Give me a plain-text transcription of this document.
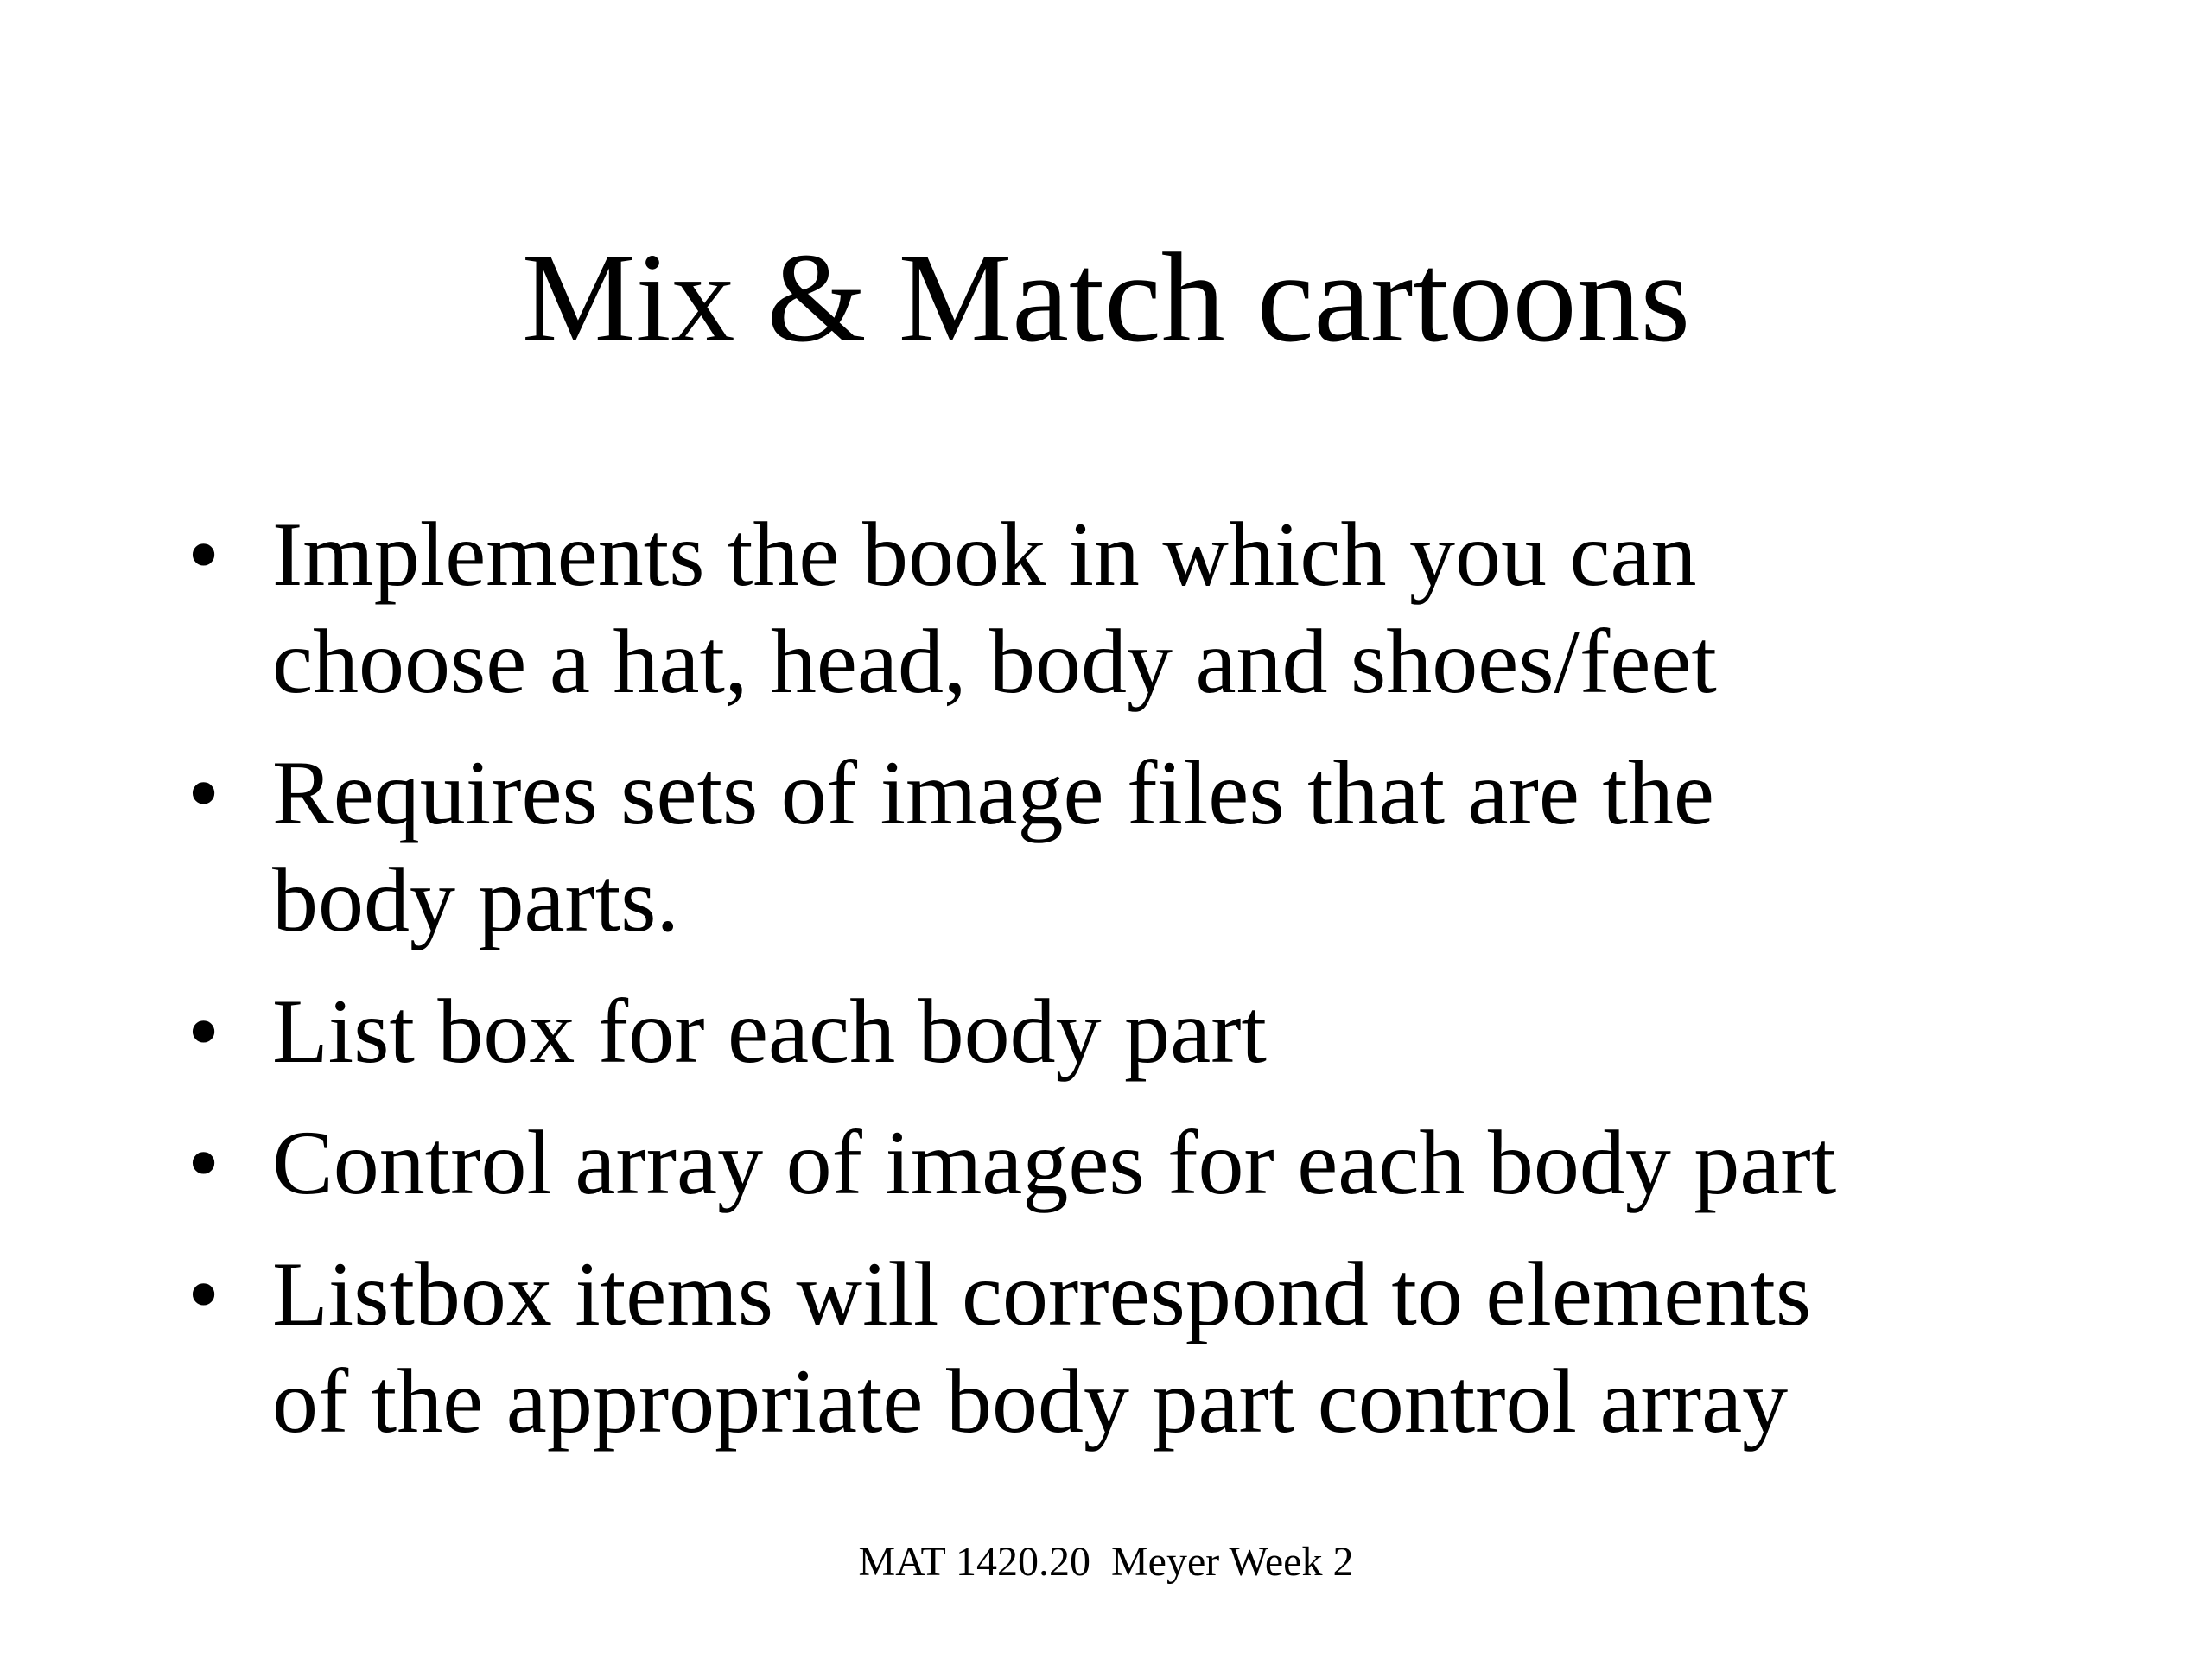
Mix & Match cartoons
• Implements the book in which you can
choose a hat, head, body and shoes/feet
• Requires sets of image files that are the
body parts.
• List box for each body part
• Control array of images for each body part
• Listbox items will correspond to elements
of the appropriate body part control array
MAT 1420.20  Meyer Week 2
